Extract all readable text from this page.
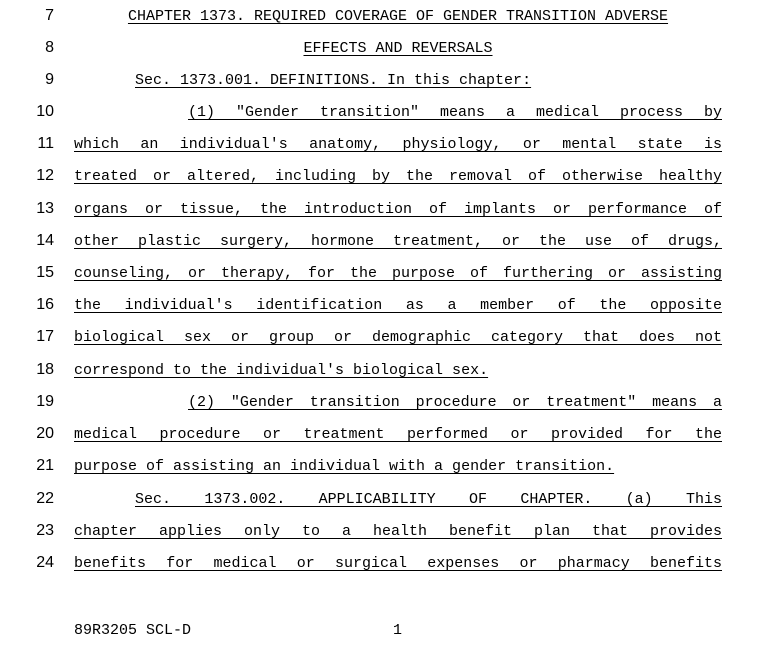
7	CHAPTER 1373. REQUIRED COVERAGE OF GENDER TRANSITION ADVERSE
8	EFFECTS AND REVERSALS
9	Sec. 1373.001. DEFINITIONS. In this chapter:
10	(1) "Gender transition" means a medical process by
11 which an individual's anatomy, physiology, or mental state is
12 treated or altered, including by the removal of otherwise healthy
13 organs or tissue, the introduction of implants or performance of
14 other plastic surgery, hormone treatment, or the use of drugs,
15 counseling, or therapy, for the purpose of furthering or assisting
16 the individual's identification as a member of the opposite
17 biological sex or group or demographic category that does not
18 correspond to the individual's biological sex.
19	(2) "Gender transition procedure or treatment" means a
20 medical procedure or treatment performed or provided for the
21 purpose of assisting an individual with a gender transition.
22	Sec. 1373.002. APPLICABILITY OF CHAPTER. (a) This
23 chapter applies only to a health benefit plan that provides
24 benefits for medical or surgical expenses or pharmacy benefits
89R3205 SCL-D	1
